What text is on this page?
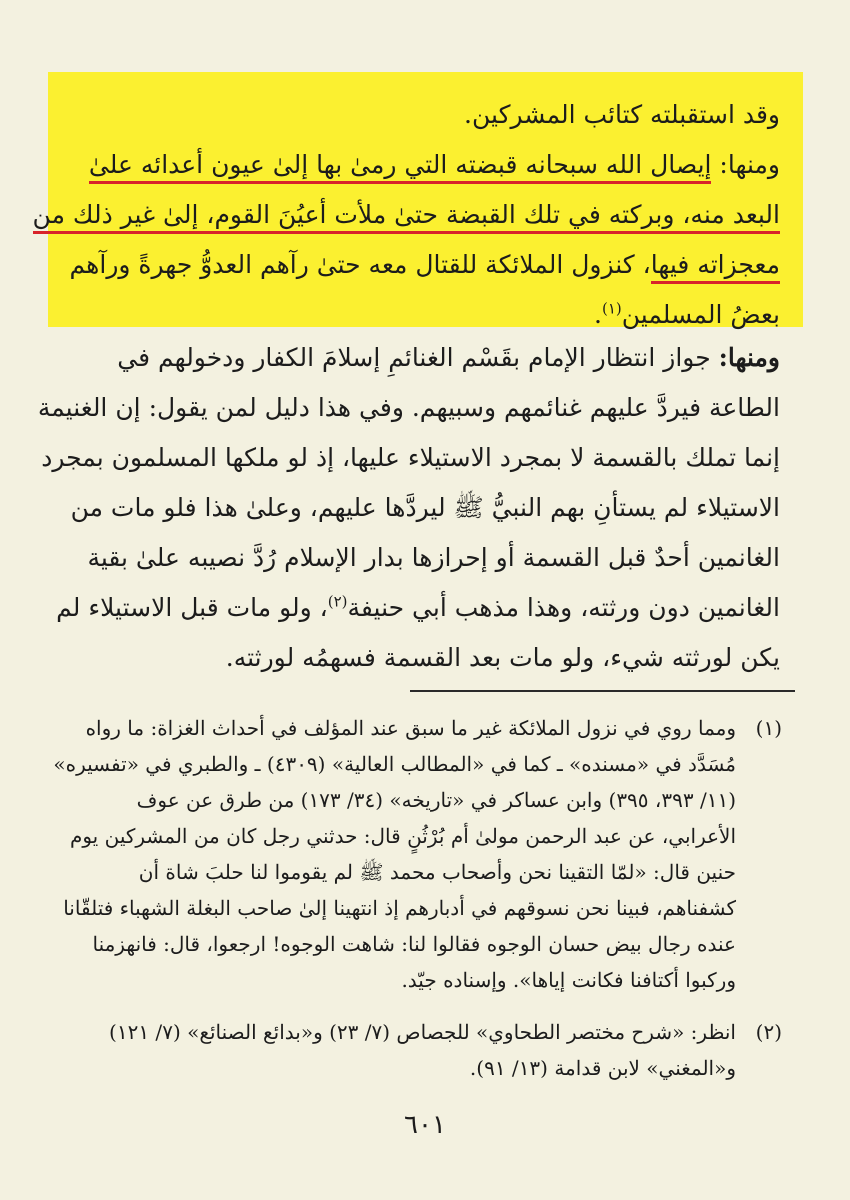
وقد استقبلته كتائب المشركين.
ومنها: إيصال الله سبحانه قبضته التي رمىٰ بها إلىٰ عيون أعدائه علىٰ
البعد منه، وبركته في تلك القبضة حتىٰ ملأت أعيُنَ القوم، إلىٰ غير ذلك من
معجزاته فيها، كنزول الملائكة للقتال معه حتىٰ رآهم العدوُّ جهرةً ورآهم
بعضُ المسلمين$^{(١)}$.
ومنها: جواز انتظار الإمام بقَسْم الغنائمِ إسلامَ الكفار ودخولهم في
الطاعة فيردَّ عليهم غنائمهم وسبيهم. وفي هذا دليل لمن يقول: إن الغنيمة
إنما تملك بالقسمة لا بمجرد الاستيلاء عليها، إذ لو ملكها المسلمون بمجرد
الاستيلاء لم يستأنِ بهم النبيُّ ﷺ ليردَّها عليهم، وعلىٰ هذا فلو مات من
الغانمين أحدٌ قبل القسمة أو إحرازها بدار الإسلام رُدَّ نصيبه علىٰ بقية
الغانمين دون ورثته، وهذا مذهب أبي حنيفة$^{(٢)}$، ولو مات قبل الاستيلاء لم
يكن لورثته شيء، ولو مات بعد القسمة فسهمُه لورثته.
(١)
ومما روي في نزول الملائكة غير ما سبق عند المؤلف في أحداث الغزاة: ما رواه
مُسَدَّد في «مسنده» ـ كما في «المطالب العالية» (٤٣٠٩) ـ والطبري في «تفسيره»
(١١/ ٣٩٣، ٣٩٥) وابن عساكر في «تاريخه» (٣٤/ ١٧٣) من طرق عن عوف
الأعرابي، عن عبد الرحمن مولىٰ أم بُرْثُنٍ قال: حدثني رجل كان من المشركين يوم
حنين قال: «لمّا التقينا نحن وأصحاب محمد ﷺ لم يقوموا لنا حلبَ شاة أن
كشفناهم، فبينا نحن نسوقهم في أدبارهم إذ انتهينا إلىٰ صاحب البغلة الشهباء فتلقّانا
عنده رجال بيض حسان الوجوه فقالوا لنا: شاهت الوجوه! ارجعوا، قال: فانهزمنا
وركبوا أكتافنا فكانت إياها». وإسناده جيّد.
(٢)
انظر: «شرح مختصر الطحاوي» للجصاص (٧/ ٢٣) و«بدائع الصنائع» (٧/ ١٢١)
و«المغني» لابن قدامة (١٣/ ٩١).
٦٠١
